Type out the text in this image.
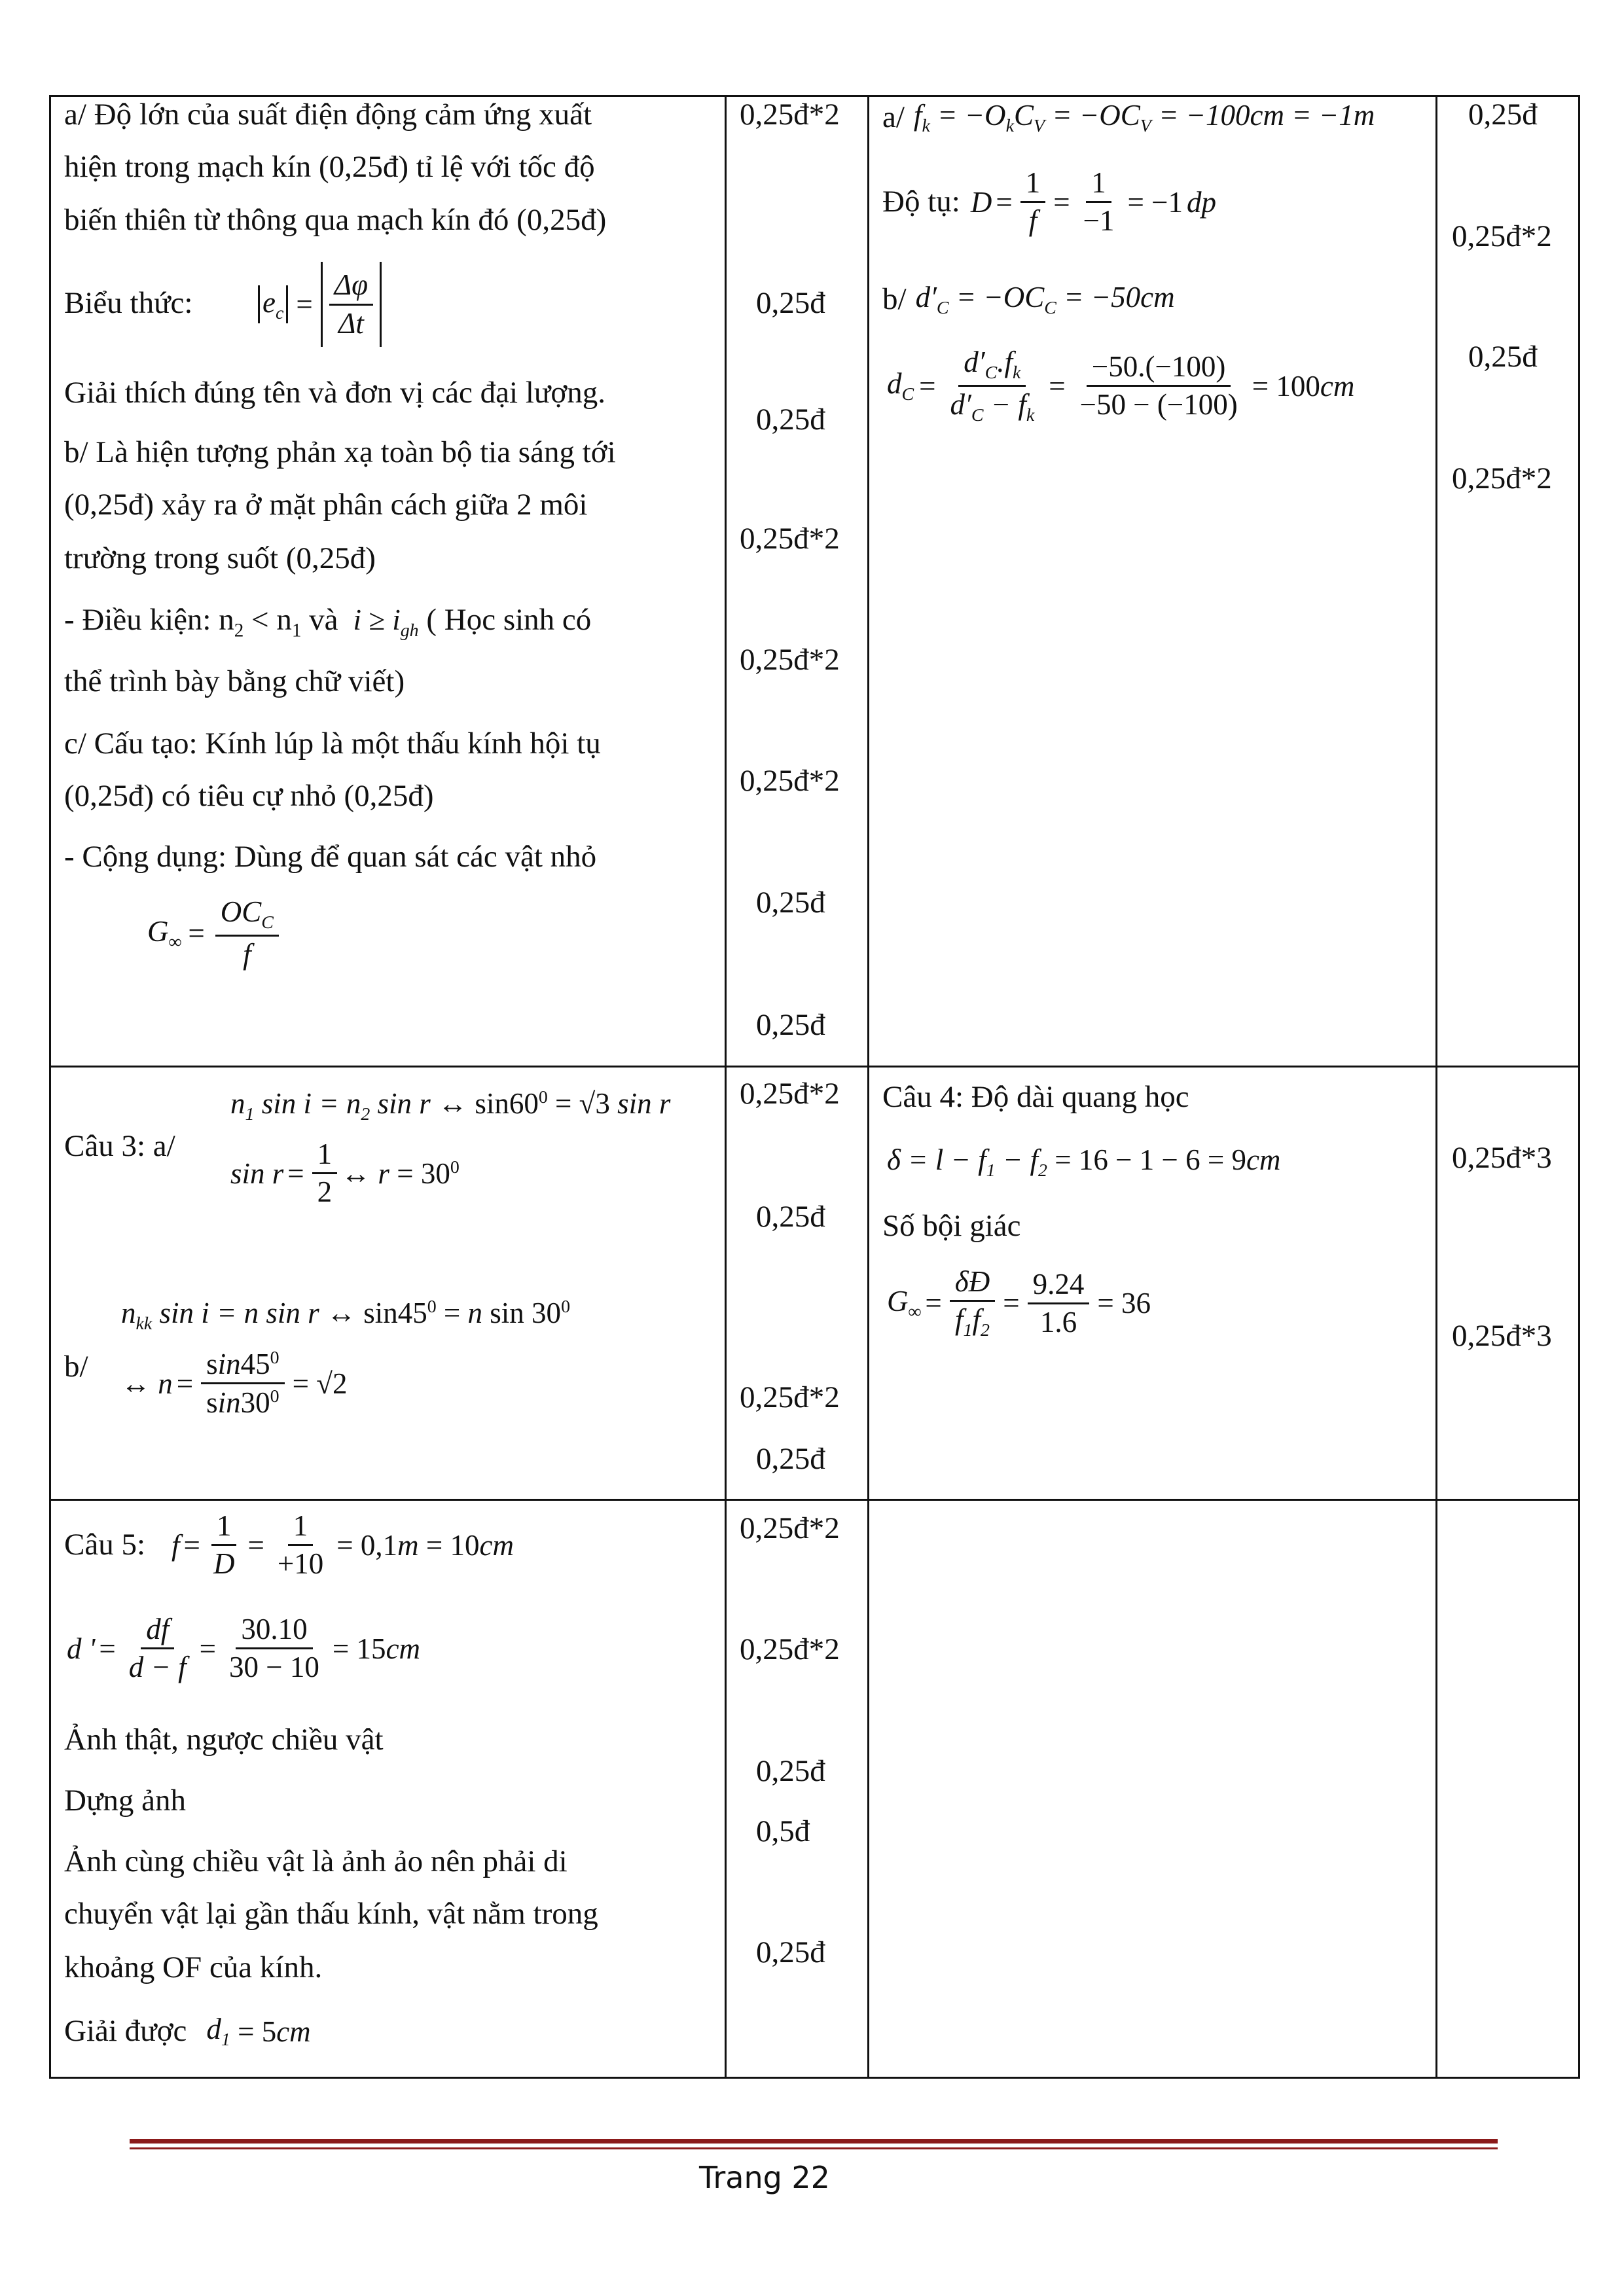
a/ Độ lớn của suất điện động cảm ứng xuất
hiện trong mạch kín (0,25đ) tỉ lệ với tốc độ
biến thiên từ thông qua mạch kín đó (0,25đ)
Biểu thức: $e_c = \frac{\Delta\varphi}{\Delta t}$
Giải thích đúng tên và đơn vị các đại lượng.
b/ Là hiện tượng phản xạ toàn bộ tia sáng tới
(0,25đ) xảy ra ở mặt phân cách giữa 2 môi
trường trong suốt (0,25đ)
- Điều kiện: $n_2 < n_1$ và  $i \ge i_{gh}$ ( Học sinh có
thể trình bày bằng chữ viết)
c/ Cấu tạo: Kính lúp là một thấu kính hội tụ
(0,25đ) có tiêu cự nhỏ (0,25đ)
- Cộng dụng: Dùng để quan sát các vật nhỏ
$G_\infty = \frac{OC_C}{f}$
0,25đ*2
0,25đ
0,25đ
0,25đ*2
0,25đ*2
0,25đ*2
0,25đ
0,25đ
a/ $f_k = -O_kC_V = -OC_V = -100cm = -1m$
Độ tụ: $D = \frac{1}{f} = \frac{1}{-1} = -1$ dp
b/ $d'_C = -OC_C = -50cm$
$d_C = \frac{d'_C.f_k}{d'_C - f_k} = \frac{-50.(-100)}{-50 - (-100)} = 100$ cm
0,25đ
0,25đ*2
0,25đ
0,25đ*2
$n_1$ $\sin i = n_2$ sin r ↔ $\sin 60^0 = √3$ sin r
Câu 3: a/
$\sin r = \frac{1}{2}$ ↔ $r = 30^0$
$n_{kk}$ sin i = n sin r ↔ $\sin 45^0 = n$ $\sin 30^0$
b/ ↔ $n = \frac{\sin 45^0}{\sin 30^0} = √2$
0,25đ*2
0,25đ
0,25đ*2
0,25đ
Câu 4: Độ dài quang học
$\delta = l - f_1 - f_2 = 16 - 1 - 6 = 9cm$
Số bội giác
$G_\infty = \frac{\delta Đ}{f_1f_2} = \frac{9.24}{1.6} = 36$
0,25đ*3
0,25đ*3
Câu 5: $f = \frac{1}{D} = \frac{1}{+10} = 0,1$ m = 10 cm
d ' = $\frac{df}{d - f} = \frac{30.10}{30 - 10} = 15$ cm
Ảnh thật, ngược chiều vật
Dựng ảnh
Ảnh cùng chiều vật là ảnh ảo nên phải di
chuyển vật lại gần thấu kính, vật nằm trong
khoảng OF của kính.
Giải được $d_1 = 5$ cm
0,25đ*2
0,25đ*2
0,25đ
0,5đ
0,25đ
Trang 22
